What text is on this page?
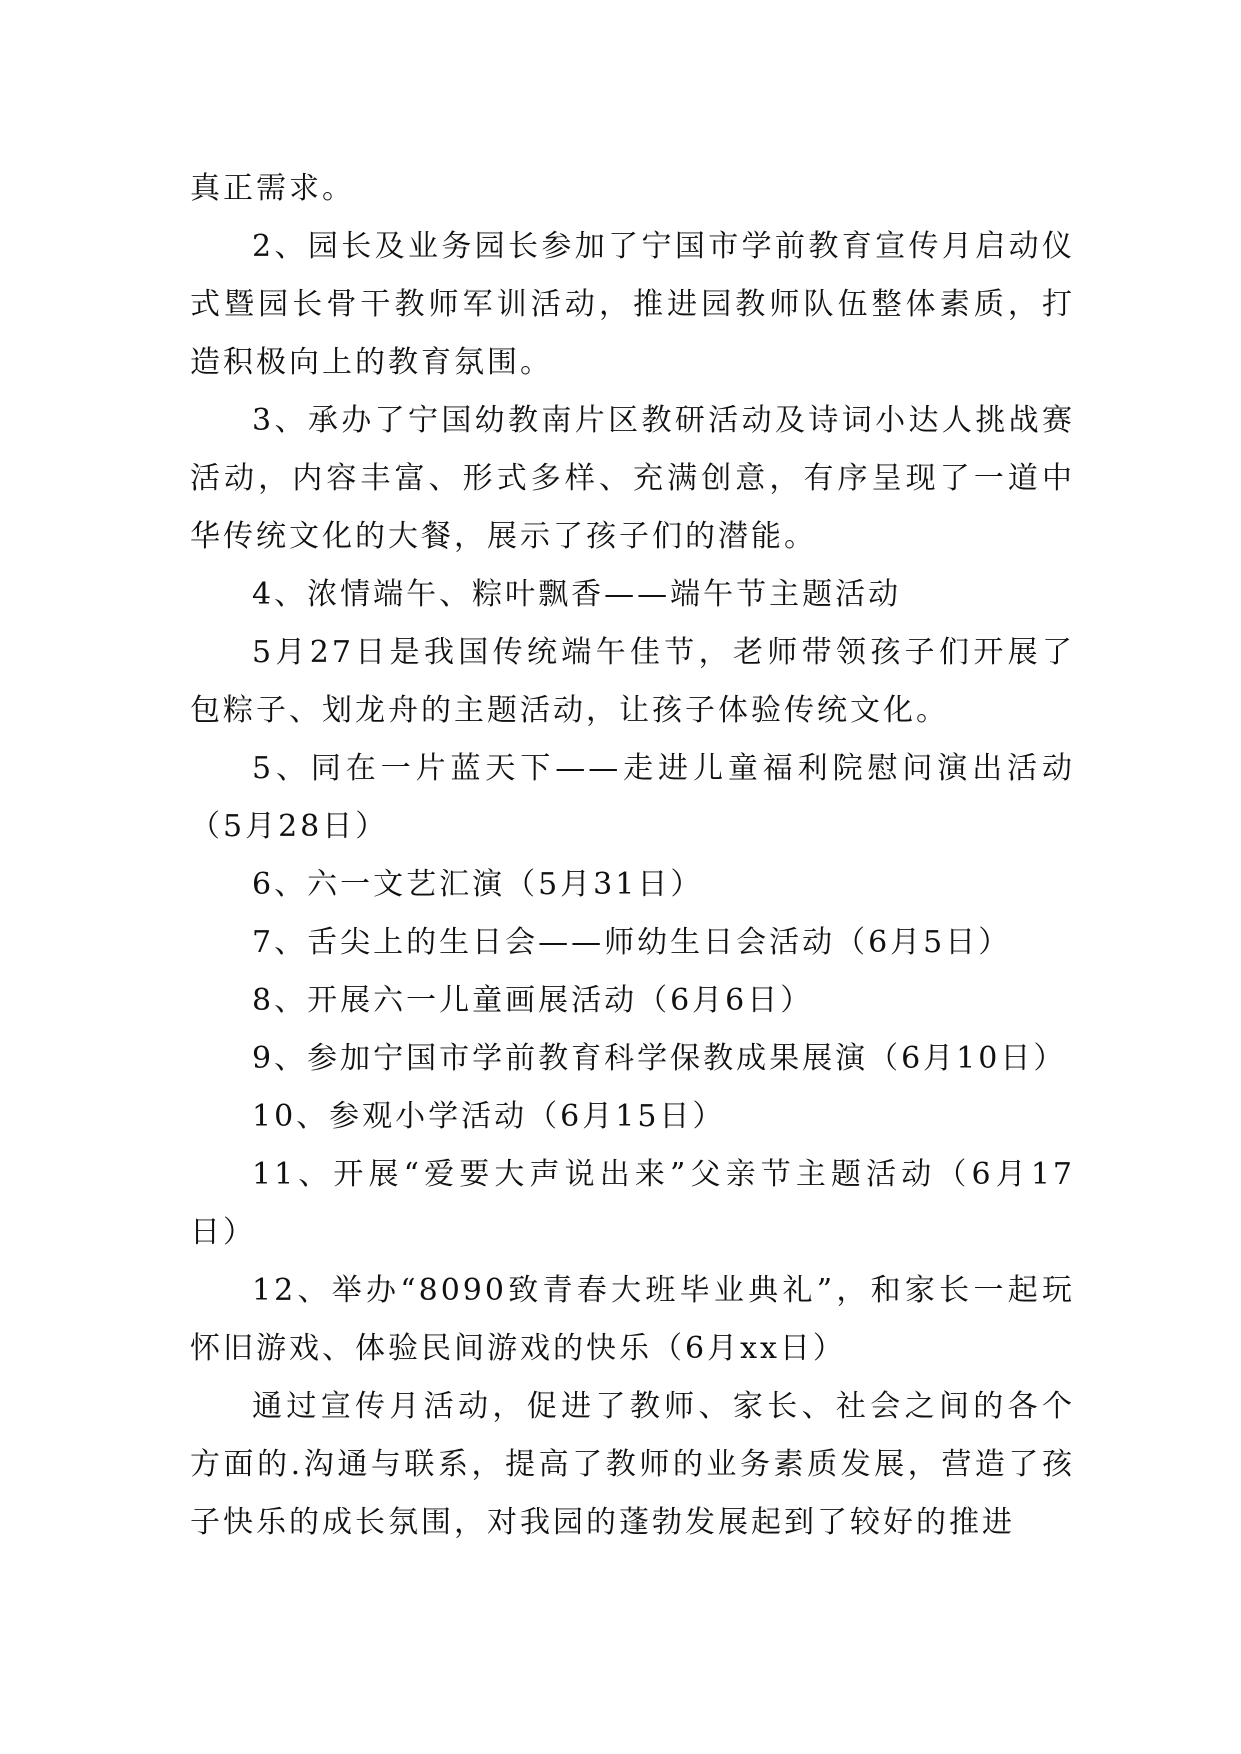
真正需求。

2、园长及业务园长参加了宁国市学前教育宣传月启动仪式暨园长骨干教师军训活动，推进园教师队伍整体素质，打造积极向上的教育氛围。

3、承办了宁国幼教南片区教研活动及诗词小达人挑战赛活动，内容丰富、形式多样、充满创意，有序呈现了一道中华传统文化的大餐，展示了孩子们的潜能。

4、浓情端午、粽叶飘香——端午节主题活动

5月27日是我国传统端午佳节，老师带领孩子们开展了包粽子、划龙舟的主题活动，让孩子体验传统文化。

5、同在一片蓝天下——走进儿童福利院慰问演出活动（5月28日）

6、六一文艺汇演（5月31日）

7、舌尖上的生日会——师幼生日会活动（6月5日）

8、开展六一儿童画展活动（6月6日）

9、参加宁国市学前教育科学保教成果展演（6月10日）

10、参观小学活动（6月15日）

11、开展“爱要大声说出来”父亲节主题活动（6月17日）

12、举办“8090致青春大班毕业典礼”，和家长一起玩怀旧游戏、体验民间游戏的快乐（6月xx日）

通过宣传月活动，促进了教师、家长、社会之间的各个方面的.沟通与联系，提高了教师的业务素质发展，营造了孩子快乐的成长氛围，对我园的蓬勃发展起到了较好的推进
